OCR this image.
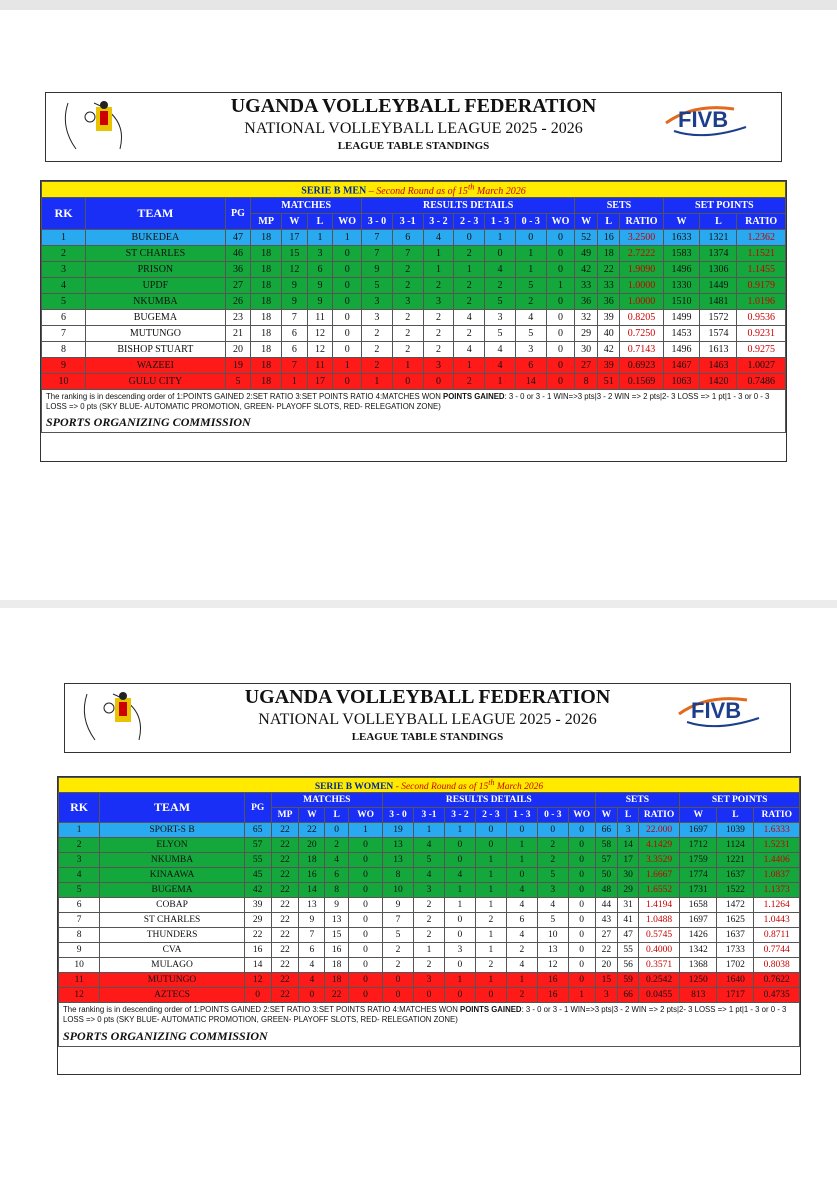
UGANDA VOLLEYBALL FEDERATION
NATIONAL VOLLEYBALL LEAGUE 2025 - 2026
LEAGUE TABLE STANDINGS
FIVB
SERIE B MEN – Second Round as of 15th March 2026																			
RK	TEAM	PG	MATCHES				RESULTS DETAILS							SETS			SET POINTS		
			MP	W	L	WO	3 - 0	3 -1	3 - 2	2 - 3	1 - 3	0 - 3	WO	W	L	RATIO	W	L	RATIO
1	BUKEDEA	47	18	17	1	1	7	6	4	0	1	0	0	52	16	3.2500	1633	1321	1.2362
2	ST CHARLES	46	18	15	3	0	7	7	1	2	0	1	0	49	18	2.7222	1583	1374	1.1521
3	PRISON	36	18	12	6	0	9	2	1	1	4	1	0	42	22	1.9090	1496	1306	1.1455
4	UPDF	27	18	9	9	0	5	2	2	2	2	5	1	33	33	1.0000	1330	1449	0.9179
5	NKUMBA	26	18	9	9	0	3	3	3	2	5	2	0	36	36	1.0000	1510	1481	1.0196
6	BUGEMA	23	18	7	11	0	3	2	2	4	3	4	0	32	39	0.8205	1499	1572	0.9536
7	MUTUNGO	21	18	6	12	0	2	2	2	2	5	5	0	29	40	0.7250	1453	1574	0.9231
8	BISHOP STUART	20	18	6	12	0	2	2	2	4	4	3	0	30	42	0.7143	1496	1613	0.9275
9	WAZEEI	19	18	7	11	1	2	1	3	1	4	6	0	27	39	0.6923	1467	1463	1.0027
10	GULU CITY	5	18	1	17	0	1	0	0	2	1	14	0	8	51	0.1569	1063	1420	0.7486

The ranking is in descending order of 1:POINTS GAINED 2:SET RATIO 3:SET POINTS RATIO 4:MATCHES WON POINTS GAINED: 3 - 0 or 3 - 1 WIN=>3 pts|3 - 2 WIN => 2 pts|2- 3 LOSS => 1 pt|1 - 3 or 0 - 3 LOSS => 0 pts (SKY BLUE- AUTOMATIC PROMOTION, GREEN- PLAYOFF SLOTS, RED- RELEGATION ZONE)
SPORTS ORGANIZING COMMISSION																			
UGANDA VOLLEYBALL FEDERATION
NATIONAL VOLLEYBALL LEAGUE 2025 - 2026
LEAGUE TABLE STANDINGS
FIVB
SERIE B WOMEN - Second Round as of 15th March 2026																			
RK	TEAM	PG	MATCHES				RESULTS DETAILS							SETS			SET POINTS		
			MP	W	L	WO	3 - 0	3 -1	3 - 2	2 - 3	1 - 3	0 - 3	WO	W	L	RATIO	W	L	RATIO
1	SPORT-S B	65	22	22	0	1	19	1	1	0	0	0	0	66	3	22.000	1697	1039	1.6333
2	ELYON	57	22	20	2	0	13	4	0	0	1	2	0	58	14	4.1429	1712	1124	1.5231
3	NKUMBA	55	22	18	4	0	13	5	0	1	1	2	0	57	17	3.3529	1759	1221	1.4406
4	KINAAWA	45	22	16	6	0	8	4	4	1	0	5	0	50	30	1.6667	1774	1637	1.0837
5	BUGEMA	42	22	14	8	0	10	3	1	1	4	3	0	48	29	1.6552	1731	1522	1.1373
6	COBAP	39	22	13	9	0	9	2	1	1	4	4	0	44	31	1.4194	1658	1472	1.1264
7	ST CHARLES	29	22	9	13	0	7	2	0	2	6	5	0	43	41	1.0488	1697	1625	1.0443
8	THUNDERS	22	22	7	15	0	5	2	0	1	4	10	0	27	47	0.5745	1426	1637	0.8711
9	CVA	16	22	6	16	0	2	1	3	1	2	13	0	22	55	0.4000	1342	1733	0.7744
10	MULAGO	14	22	4	18	0	2	2	0	2	4	12	0	20	56	0.3571	1368	1702	0.8038
11	MUTUNGO	12	22	4	18	0	0	3	1	1	1	16	0	15	59	0.2542	1250	1640	0.7622
12	AZTECS	0	22	0	22	0	0	0	0	0	2	16	1	3	66	0.0455	813	1717	0.4735

The ranking is in descending order of 1:POINTS GAINED 2:SET RATIO 3:SET POINTS RATIO 4:MATCHES WON POINTS GAINED: 3 - 0 or 3 - 1 WIN=>3 pts|3 - 2 WIN => 2 pts|2- 3 LOSS => 1 pt|1 - 3 or 0 - 3 LOSS => 0 pts (SKY BLUE- AUTOMATIC PROMOTION, GREEN- PLAYOFF SLOTS, RED- RELEGATION ZONE)
SPORTS ORGANIZING COMMISSION																			
